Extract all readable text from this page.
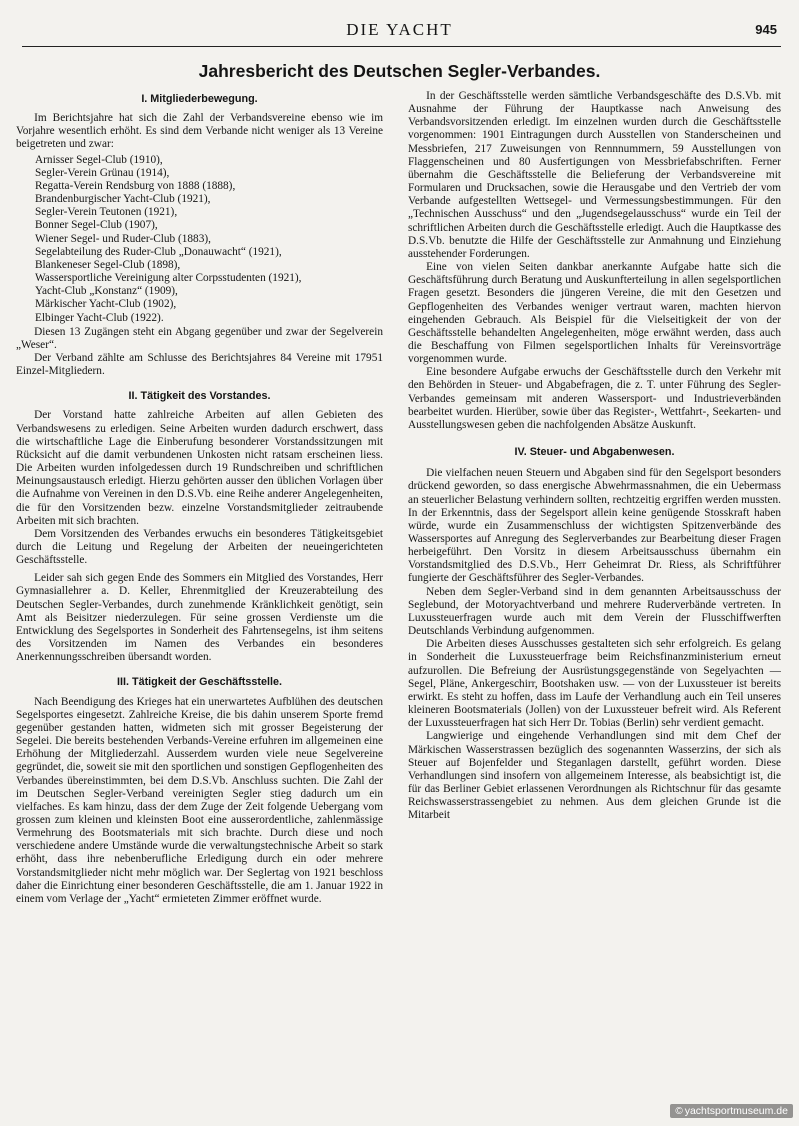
DIE YACHT	945
Jahresbericht des Deutschen Segler-Verbandes.
I. Mitgliederbewegung.

Im Berichtsjahre hat sich die Zahl der Verbandsvereine ebenso wie im Vorjahre wesentlich erhöht. Es sind dem Verbande nicht weniger als 13 Vereine beigetreten und zwar:

Arnisser Segel-Club (1910),
Segler-Verein Grünau (1914),
Regatta-Verein Rendsburg von 1888 (1888),
Brandenburgischer Yacht-Club (1921),
Segler-Verein Teutonen (1921),
Bonner Segel-Club (1907),
Wiener Segel- und Ruder-Club (1883),
Segelabteilung des Ruder-Club „Donauwacht“ (1921),
Blankeneser Segel-Club (1898),
Wassersportliche Vereinigung alter Corpsstudenten (1921),
Yacht-Club „Konstanz“ (1909),
Märkischer Yacht-Club (1902),
Elbinger Yacht-Club (1922).

Diesen 13 Zugängen steht ein Abgang gegenüber und zwar der Segelverein „Weser“.

Der Verband zählte am Schlusse des Berichtsjahres 84 Vereine mit 17951 Einzel-Mitgliedern.

II. Tätigkeit des Vorstandes.

Der Vorstand hatte zahlreiche Arbeiten auf allen Gebieten des Verbandswesens zu erledigen. Seine Arbeiten wurden dadurch erschwert, dass die wirtschaftliche Lage die Einberufung besonderer Vorstandssitzungen mit Rücksicht auf die damit verbundenen Unkosten nicht ratsam erscheinen liess. Die Arbeiten wurden infolgedessen durch 19 Rundschreiben und schriftlichen Meinungsaustausch erledigt. Hierzu gehörten ausser den üblichen Vorlagen über die Aufnahme von Vereinen in den D.S.Vb. eine Reihe anderer Angelegenheiten, die für den Vorsitzenden bezw. einzelne Vorstandsmitglieder zeitraubende Arbeiten mit sich brachten.

Dem Vorsitzenden des Verbandes erwuchs ein besonderes Tätigkeitsgebiet durch die Leitung und Regelung der Arbeiten der neueingerichteten Geschäftsstelle.

Leider sah sich gegen Ende des Sommers ein Mitglied des Vorstandes, Herr Gymnasiallehrer a. D. Keller, Ehrenmitglied der Kreuzerabteilung des Deutschen Segler-Verbandes, durch zunehmende Kränklichkeit genötigt, sein Amt als Beisitzer niederzulegen. Für seine grossen Verdienste um die Entwicklung des Segelsportes in Sonderheit des Fahrtensegelns, ist ihm seitens des Vorsitzenden im Namen des Verbandes ein besonderes Anerkennungsschreiben übersandt worden.

III. Tätigkeit der Geschäftsstelle.

Nach Beendigung des Krieges hat ein unerwartetes Aufblühen des deutschen Segelsportes eingesetzt. Zahlreiche Kreise, die bis dahin unserem Sporte fremd gegenüber gestanden hatten, widmeten sich mit grosser Begeisterung der Segelei. Die bereits bestehenden Verbands-Vereine erfuhren im allgemeinen eine Erhöhung der Mitgliederzahl. Ausserdem wurden viele neue Segelvereine gegründet, die, soweit sie mit den sportlichen und sonstigen Gepflogenheiten des Verbandes übereinstimmten, bei dem D.S.Vb. Anschluss suchten. Die Zahl der im Deutschen Segler-Verband vereinigten Segler stieg dadurch um ein vielfaches. Es kam hinzu, dass der dem Zuge der Zeit folgende Uebergang vom grossen zum kleinen und kleinsten Boot eine ausserordentliche, zahlenmässige Vermehrung des Bootsmaterials mit sich brachte. Durch diese und noch verschiedene andere Umstände wurde die verwaltungstechnische Arbeit so stark erhöht, dass ihre nebenberufliche Erledigung durch ein oder mehrere Vorstandsmitglieder nicht mehr möglich war. Der Seglertag von 1921 beschloss daher die Einrichtung einer besonderen Geschäftsstelle, die am 1. Januar 1922 in einem vom Verlage der „Yacht“ ermieteten Zimmer eröffnet wurde.

In der Geschäftsstelle werden sämtliche Verbandsgeschäfte des D.S.Vb. mit Ausnahme der Führung der Hauptkasse nach Anweisung des Verbandsvorsitzenden erledigt. Im einzelnen wurden durch die Geschäftsstelle vorgenommen: 1901 Eintragungen durch Ausstellen von Standerscheinen und Messbriefen, 217 Zuweisungen von Rennnummern, 59 Ausstellungen von Flaggenscheinen und 80 Ausfertigungen von Messbriefabschriften. Ferner übernahm die Geschäftsstelle die Belieferung der Verbandsvereine mit Formularen und Drucksachen, sowie die Herausgabe und den Vertrieb der vom Verbande aufgestellten Wettsegel- und Vermessungsbestimmungen. Für den „Technischen Ausschuss“ und den „Jugendsegelausschuss“ wurde ein Teil der schriftlichen Arbeiten durch die Geschäftsstelle erledigt. Auch die Hauptkasse des D.S.Vb. benutzte die Hilfe der Geschäftsstelle zur Anmahnung und Einziehung ausstehender Forderungen.

Eine von vielen Seiten dankbar anerkannte Aufgabe hatte sich die Geschäftsführung durch Beratung und Auskunfterteilung in allen segelsportlichen Fragen gesetzt. Besonders die jüngeren Vereine, die mit den Gesetzen und Gepflogenheiten des Verbandes weniger vertraut waren, machten hiervon eingehenden Gebrauch. Als Beispiel für die Vielseitigkeit der von der Geschäftsstelle behandelten Angelegenheiten, möge erwähnt werden, dass auch die Beschaffung von Filmen segelsportlichen Inhalts für Vereinsvorträge vorgenommen wurde.

Eine besondere Aufgabe erwuchs der Geschäftsstelle durch den Verkehr mit den Behörden in Steuer- und Abgabefragen, die z. T. unter Führung des Segler-Verbandes gemeinsam mit anderen Wassersport- und Industrieverbänden bearbeitet wurden. Hierüber, sowie über das Register-, Wettfahrt-, Seekarten- und Ausstellungswesen geben die nachfolgenden Absätze Auskunft.

IV. Steuer- und Abgabenwesen.

Die vielfachen neuen Steuern und Abgaben sind für den Segelsport besonders drückend geworden, so dass energische Abwehrmassnahmen, die ein Uebermass an steuerlicher Belastung verhindern sollten, rechtzeitig ergriffen werden mussten. In der Erkenntnis, dass der Segelsport allein keine genügende Stosskraft haben würde, wurde ein Zusammenschluss der wichtigsten Spitzenverbände des Wassersportes auf Anregung des Seglerverbandes zur Bearbeitung dieser Fragen herbeigeführt. Den Vorsitz in diesem Arbeitsausschuss übernahm ein Vorstandsmitglied des D.S.Vb., Herr Geheimrat Dr. Riess, als Schriftführer fungierte der Geschäftsführer des Segler-Verbandes.

Neben dem Segler-Verband sind in dem genannten Arbeitsausschuss der Seglebund, der Motoryachtverband und mehrere Ruderverbände vertreten. In Luxussteuerfragen wurde auch mit dem Verein der Flusschiffwerften Deutschlands Verbindung aufgenommen.

Die Arbeiten dieses Ausschusses gestalteten sich sehr erfolgreich. Es gelang in Sonderheit die Luxussteuerfrage beim Reichsfinanzministerium erneut aufzurollen. Die Befreiung der Ausrüstungsgegenstände von Segelyachten — Segel, Pläne, Ankergeschirr, Bootshaken usw. — von der Luxussteuer ist bereits erwirkt. Es steht zu hoffen, dass im Laufe der Verhandlung auch ein Teil unseres kleineren Bootsmaterials (Jollen) von der Luxussteuer befreit wird. Als Referent der Luxussteuerfragen hat sich Herr Dr. Tobias (Berlin) sehr verdient gemacht.

Langwierige und eingehende Verhandlungen sind mit dem Chef der Märkischen Wasserstrassen bezüglich des sogenannten Wasserzins, der sich als Steuer auf Bojenfelder und Steganlagen darstellt, geführt worden. Diese Verhandlungen sind insofern von allgemeinem Interesse, als beabsichtigt ist, die für das Berliner Gebiet erlassenen Verordnungen als Richtschnur für das gesamte Reichswasserstrassengebiet zu nehmen. Aus dem gleichen Grunde ist die Mitarbeit

© yachtsportmuseum.de
